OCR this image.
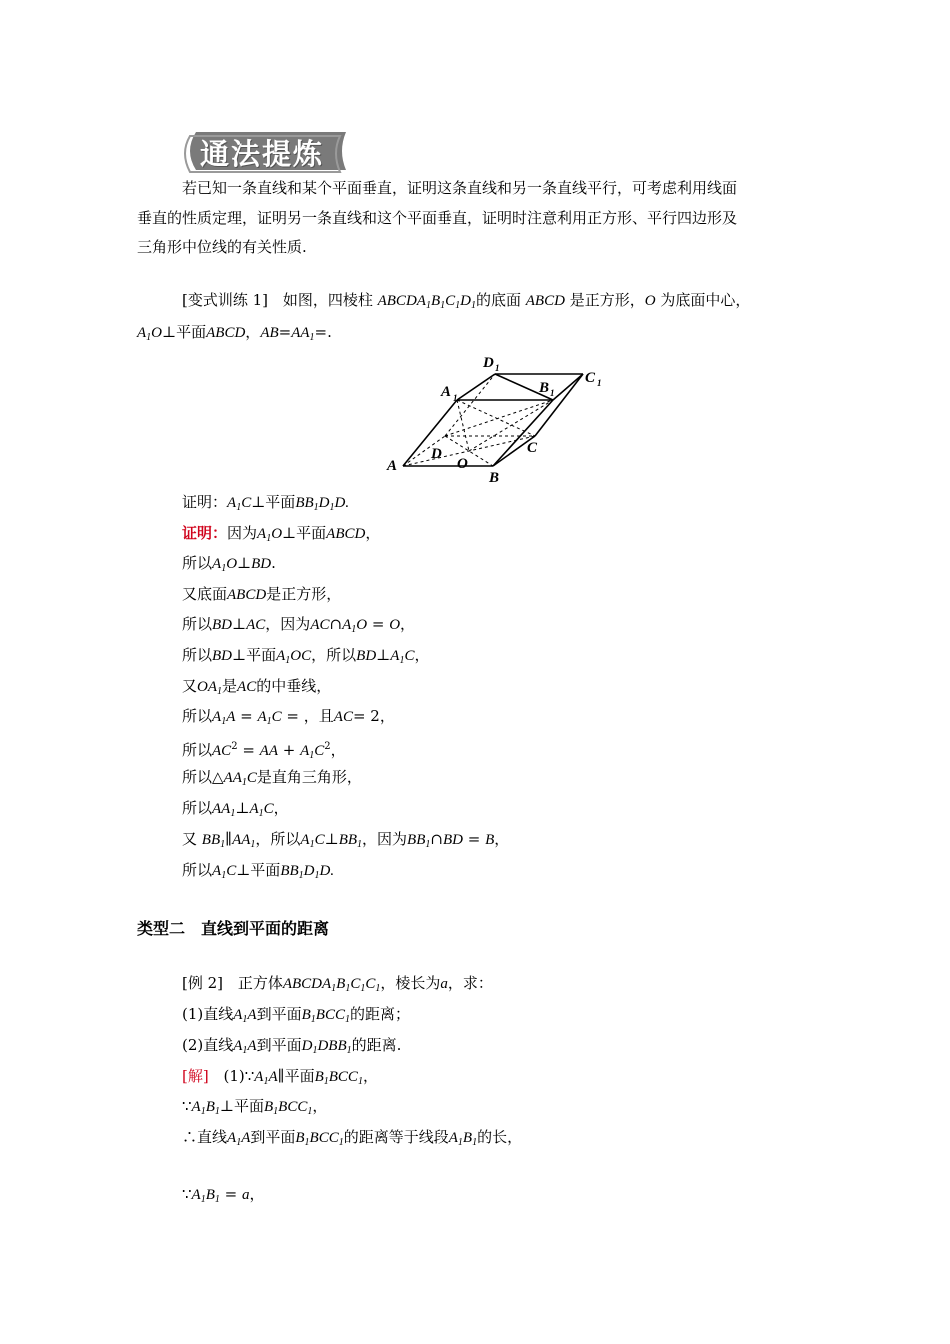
通法提炼
若已知一条直线和某个平面垂直，证明这条直线和另一条直线平行，可考虑利用线面
垂直的性质定理，证明另一条直线和这个平面垂直，证明时注意利用正方形、平行四边形及
三角形中位线的有关性质.
[变式训练 1] 如图，四棱柱 $ABCDA_1B_1C_1D_1$的底面 ABCD 是正方形，O 为底面中心，
$A_1O\perp$平面ABCD，$AB=AA_1=$.
A
B
C
D
O
A 1
B 1
C 1
D 1
证明：$A_1C\perp$平面$BB_1D_1D$.
证明：因为$A_1O\perp$平面ABCD，
所以$A_1O\perp BD$.
又底面ABCD是正方形，
所以BD⊥AC，因为$AC\cap A_1O = O$，
所以BD⊥平面$A_1OC$，所以$BD\perp A_1C$，
又$OA_1$是AC的中垂线，
所以$A_1A = A_1C$ = ，且AC= 2，
所以$AC^2$ = AA + $A_1C^2$，
所以$\triangle AA_1C$是直角三角形，
所以$AA_1\perp A_1C$，
又 $BB_1\parallel AA_1$，所以$A_1C\perp BB_1$，因为$BB_1\cap BD = B$，
所以$A_1C\perp$平面$BB_1D_1D$.
类型二　直线到平面的距离
[例 2] 正方体$ABCDA_1B_1C_1C_1$，棱长为a，求：
(1)直线$A_1A$到平面$B_1BCC_1$的距离；
(2)直线$A_1A$到平面$D_1DBB_1$的距离.
[解] $(1)\because A_1A\parallel$平面$B_1BCC_1$，
$\because A_1B_1\perp$平面$B_1BCC_1$，
∴直线$A_1A$到平面$B_1BCC_1$的距离等于线段$A_1B_1$的长，
$\because A_1B_1 = a$，
